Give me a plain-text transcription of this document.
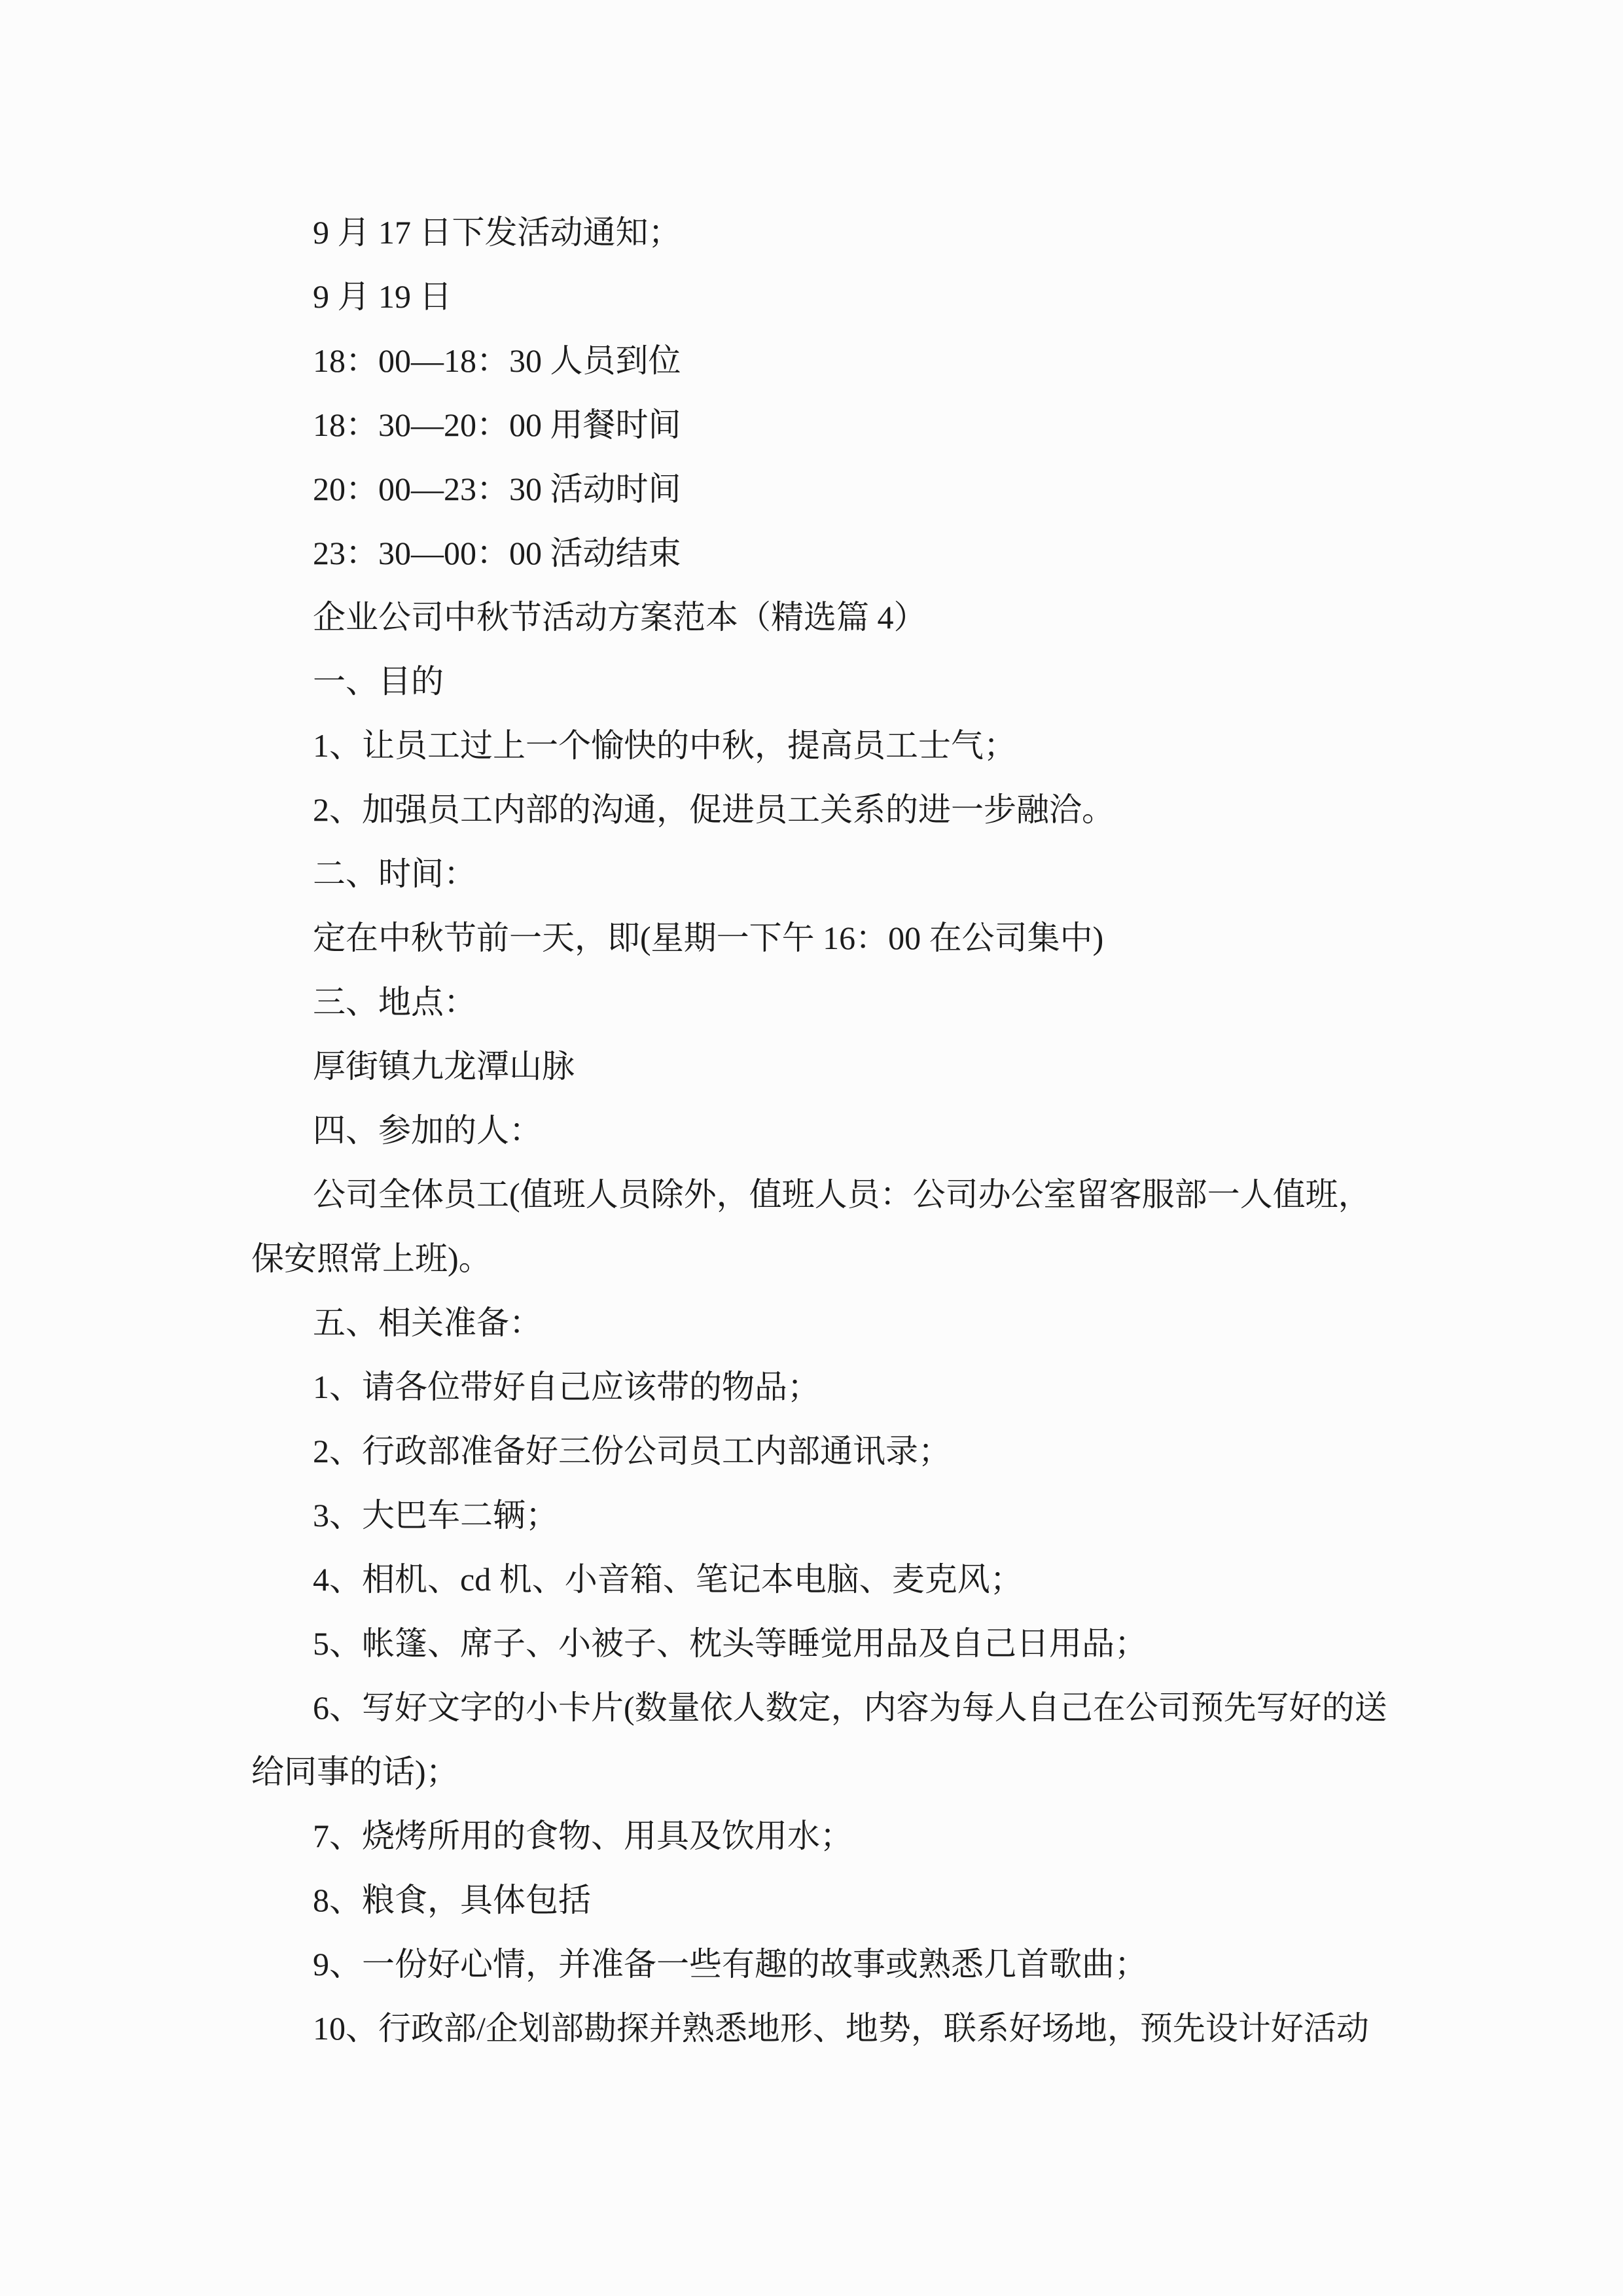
9 月 17 日下发活动通知；
9 月 19 日
18：00—18：30 人员到位
18：30—20：00 用餐时间
20：00—23：30 活动时间
23：30—00：00 活动结束
企业公司中秋节活动方案范本（精选篇 4）
一、目的
1、让员工过上一个愉快的中秋，提高员工士气；
2、加强员工内部的沟通，促进员工关系的进一步融洽。
二、时间：
定在中秋节前一天，即(星期一下午 16：00 在公司集中)
三、地点：
厚街镇九龙潭山脉
四、参加的人：
公司全体员工(值班人员除外，值班人员：公司办公室留客服部一人值班，
保安照常上班)。
五、相关准备：
1、请各位带好自己应该带的物品；
2、行政部准备好三份公司员工内部通讯录；
3、大巴车二辆；
4、相机、cd 机、小音箱、笔记本电脑、麦克风；
5、帐篷、席子、小被子、枕头等睡觉用品及自己日用品；
6、写好文字的小卡片(数量依人数定，内容为每人自己在公司预先写好的送
给同事的话)；
7、烧烤所用的食物、用具及饮用水；
8、粮食，具体包括
9、一份好心情，并准备一些有趣的故事或熟悉几首歌曲；
10、行政部/企划部勘探并熟悉地形、地势，联系好场地，预先设计好活动
